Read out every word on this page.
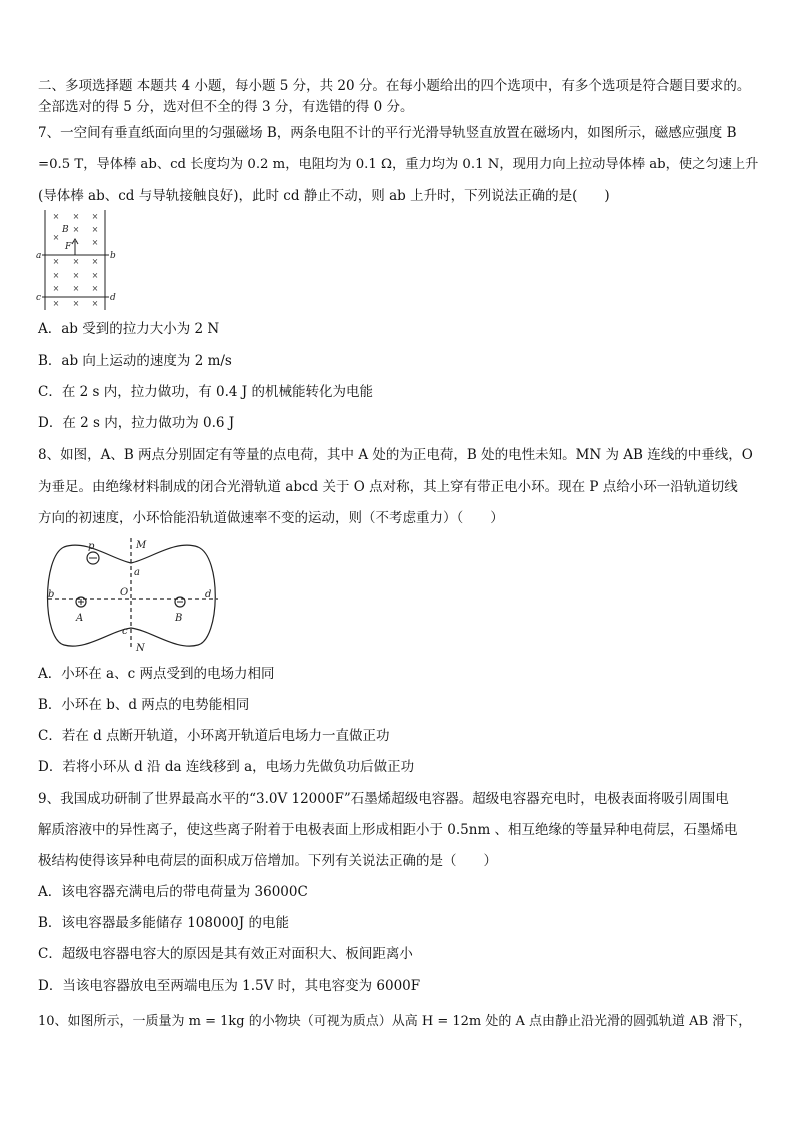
二、多项选择题 本题共 4 小题，每小题 5 分，共 20 分。在每小题给出的四个选项中，有多个选项是符合题目要求的。
全部选对的得 5 分，选对但不全的得 3 分，有选错的得 0 分。
7、一空间有垂直纸面向里的匀强磁场 B，两条电阻不计的平行光滑导轨竖直放置在磁场内，如图所示，磁感应强度 B
=0.5 T，导体棒 ab、cd 长度均为 0.2 m，电阻均为 0.1 Ω，重力均为 0.1 N，现用力向上拉动导体棒 ab，使之匀速上升
(导体棒 ab、cd 与导轨接触良好)，此时 cd 静止不动，则 ab 上升时，下列说法正确的是(　　)
× × ×
× ×
×
×
× × ×
× × ×
× × ×
× × ×
B
F
a	b
c	d
A．ab 受到的拉力大小为 2 N
B．ab 向上运动的速度为 2 m/s
C．在 2 s 内，拉力做功，有 0.4 J 的机械能转化为电能
D．在 2 s 内，拉力做功为 0.6 J
8、如图，A、B 两点分别固定有等量的点电荷，其中 A 处的为正电荷，B 处的电性未知。MN 为 AB 连线的中垂线，O
为垂足。由绝缘材料制成的闭合光滑轨道 abcd 关于 O 点对称，其上穿有带正电小环。现在 P 点给小环一沿轨道切线
方向的初速度，小环恰能沿轨道做速率不变的运动，则（不考虑重力）（　　）
p	M
a
O
b	d
A	B
c
N
A．小环在 a、c 两点受到的电场力相同
B．小环在 b、d 两点的电势能相同
C．若在 d 点断开轨道，小环离开轨道后电场力一直做正功
D．若将小环从 d 沿 da 连线移到 a，电场力先做负功后做正功
9、我国成功研制了世界最高水平的“3.0V 12000F”石墨烯超级电容器。超级电容器充电时，电极表面将吸引周围电
解质溶液中的异性离子，使这些离子附着于电极表面上形成相距小于 0.5nm 、相互绝缘的等量异种电荷层，石墨烯电
极结构使得该异种电荷层的面积成万倍增加。下列有关说法正确的是（　　）
A．该电容器充满电后的带电荷量为 36000C
B．该电容器最多能储存 108000J 的电能
C．超级电容器电容大的原因是其有效正对面积大、板间距离小
D．当该电容器放电至两端电压为 1.5V 时，其电容变为 6000F
10、如图所示，一质量为 m = 1kg 的小物块（可视为质点）从高 H = 12m 处的 A 点由静止沿光滑的圆弧轨道 AB 滑下，
